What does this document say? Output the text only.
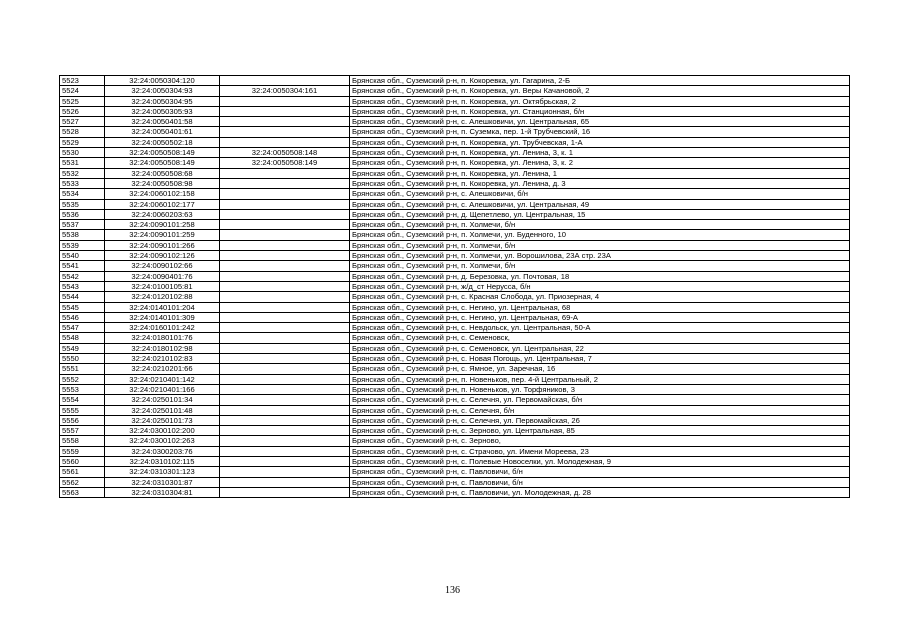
5523	32:24:0050304:120		Брянская обл., Суземский р-н, п. Кокоревка, ул. Гагарина, 2-Б
5524	32:24:0050304:93	32:24:0050304:161	Брянская обл., Суземский р-н, п. Кокоревка, ул. Веры Качановой, 2
5525	32:24:0050304:95		Брянская обл., Суземский р-н, п. Кокоревка, ул. Октябрьская, 2
5526	32:24:0050305:93		Брянская обл., Суземский р-н, п. Кокоревка, ул. Станционная, б/н
5527	32:24:0050401:58		Брянская обл., Суземский р-н, с. Алешковичи, ул. Центральная, 65
5528	32:24:0050401:61		Брянская обл., Суземский р-н, п. Суземка, пер. 1-й Трубчевский, 16
5529	32:24:0050502:18		Брянская обл., Суземский р-н, п. Кокоревка, ул. Трубчевская, 1-А
5530	32:24:0050508:149	32:24:0050508:148	Брянская обл., Суземский р-н, п. Кокоревка, ул. Ленина, 3, к. 1
5531	32:24:0050508:149	32:24:0050508:149	Брянская обл., Суземский р-н, п. Кокоревка, ул. Ленина, 3, к. 2
5532	32:24:0050508:68		Брянская обл., Суземский р-н, п. Кокоревка, ул. Ленина, 1
5533	32:24:0050508:98		Брянская обл., Суземский р-н, п. Кокоревка, ул. Ленина, д. 3
5534	32:24:0060102:158		Брянская обл., Суземский р-н, с. Алешковичи, б/н
5535	32:24:0060102:177		Брянская обл., Суземский р-н, с. Алешковичи, ул. Центральная, 49
5536	32:24:0060203:63		Брянская обл., Суземский р-н, д. Щепетлево, ул. Центральная, 15
5537	32:24:0090101:258		Брянская обл., Суземский р-н, п. Холмечи, б/н
5538	32:24:0090101:259		Брянская обл., Суземский р-н, п. Холмечи, ул. Буденного, 10
5539	32:24:0090101:266		Брянская обл., Суземский р-н, п. Холмечи, б/н
5540	32:24:0090102:126		Брянская обл., Суземский р-н, п. Холмечи, ул. Ворошилова, 23А стр. 23А
5541	32:24:0090102:66		Брянская обл., Суземский р-н, п. Холмечи, б/н
5542	32:24:0090401:76		Брянская обл., Суземский р-н, д. Березовка, ул. Почтовая, 18
5543	32:24:0100105:81		Брянская обл., Суземский р-н, ж/д_ст Нерусса, б/н
5544	32:24:0120102:88		Брянская обл., Суземский р-н, с. Красная Слобода, ул. Приозерная, 4
5545	32:24:0140101:204		Брянская обл., Суземский р-н, с. Негино, ул. Центральная, 68
5546	32:24:0140101:309		Брянская обл., Суземский р-н, с. Негино, ул. Центральная, 69-А
5547	32:24:0160101:242		Брянская обл., Суземский р-н, с. Невдольск, ул. Центральная, 50-А
5548	32:24:0180101:76		Брянская обл., Суземский р-н, с. Семеновск,
5549	32:24:0180102:98		Брянская обл., Суземский р-н, с. Семеновск, ул. Центральная, 22
5550	32:24:0210102:83		Брянская обл., Суземский р-н, с. Новая Погощь, ул. Центральная, 7
5551	32:24:0210201:66		Брянская обл., Суземский р-н, с. Ямное, ул. Заречная, 16
5552	32:24:0210401:142		Брянская обл., Суземский р-н, п. Новеньков, пер. 4-й Центральный, 2
5553	32:24:0210401:166		Брянская обл., Суземский р-н, п. Новеньков, ул. Торфяников, 3
5554	32:24:0250101:34		Брянская обл., Суземский р-н, с. Селечня, ул. Первомайская, б/н
5555	32:24:0250101:48		Брянская обл., Суземский р-н, с. Селечня, б/н
5556	32:24:0250101:73		Брянская обл., Суземский р-н, с. Селечня, ул. Первомайская, 26
5557	32:24:0300102:200		Брянская обл., Суземский р-н, с. Зерново, ул. Центральная, 85
5558	32:24:0300102:263		Брянская обл., Суземский р-н, с. Зерново,
5559	32:24:0300203:76		Брянская обл., Суземский р-н, с. Страчово, ул. Имени Мореева, 23
5560	32:24:0310102:115		Брянская обл., Суземский р-н, с. Полевые Новоселки, ул. Молодежная, 9
5561	32:24:0310301:123		Брянская обл., Суземский р-н, с. Павловичи, б/н
5562	32:24:0310301:87		Брянская обл., Суземский р-н, с. Павловичи, б/н
5563	32:24:0310304:81		Брянская обл., Суземский р-н, с. Павловичи, ул. Молодежная, д. 28
136
